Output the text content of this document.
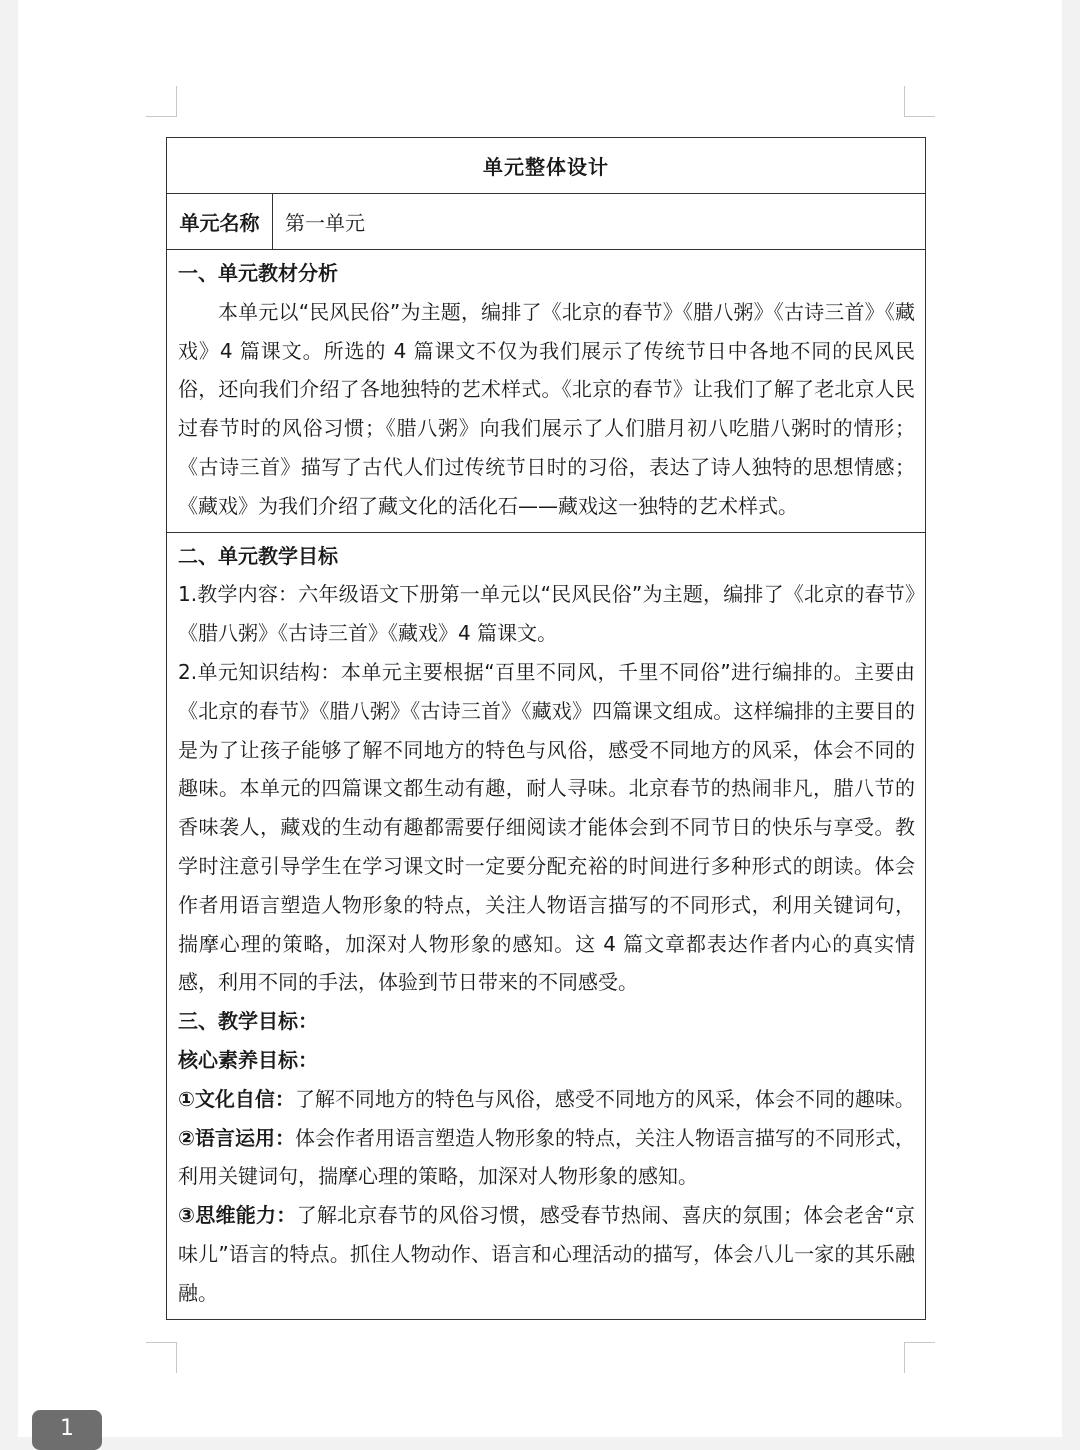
单元整体设计
单元名称	第一单元

一、单元教材分析

本单元以“民风民俗”为主题，编排了《北京的春节》《腊八粥》《古诗三首》《藏戏》4 篇课文。所选的 4 篇课文不仅为我们展示了传统节日中各地不同的民风民俗，还向我们介绍了各地独特的艺术样式。《北京的春节》让我们了解了老北京人民过春节时的风俗习惯；《腊八粥》向我们展示了人们腊月初八吃腊八粥时的情形；《古诗三首》描写了古代人们过传统节日时的习俗，表达了诗人独特的思想情感；《藏戏》为我们介绍了藏文化的活化石——藏戏这一独特的艺术样式。

二、单元教学目标

1.教学内容：六年级语文下册第一单元以“民风民俗”为主题，编排了《北京的春节》《腊八粥》《古诗三首》《藏戏》4 篇课文。

2.单元知识结构：本单元主要根据“百里不同风，千里不同俗”进行编排的。主要由《北京的春节》《腊八粥》《古诗三首》《藏戏》四篇课文组成。这样编排的主要目的是为了让孩子能够了解不同地方的特色与风俗，感受不同地方的风采，体会不同的趣味。本单元的四篇课文都生动有趣，耐人寻味。北京春节的热闹非凡，腊八节的香味袭人，藏戏的生动有趣都需要仔细阅读才能体会到不同节日的快乐与享受。教学时注意引导学生在学习课文时一定要分配充裕的时间进行多种形式的朗读。体会作者用语言塑造人物形象的特点，关注人物语言描写的不同形式，利用关键词句，揣摩心理的策略，加深对人物形象的感知。这 4 篇文章都表达作者内心的真实情感，利用不同的手法，体验到节日带来的不同感受。

三、教学目标：

核心素养目标：

①文化自信：了解不同地方的特色与风俗，感受不同地方的风采，体会不同的趣味。

②语言运用：体会作者用语言塑造人物形象的特点，关注人物语言描写的不同形式，利用关键词句，揣摩心理的策略，加深对人物形象的感知。

③思维能力：了解北京春节的风俗习惯，感受春节热闹、喜庆的氛围；体会老舍“京味儿”语言的特点。抓住人物动作、语言和心理活动的描写，体会八儿一家的其乐融融。

1
